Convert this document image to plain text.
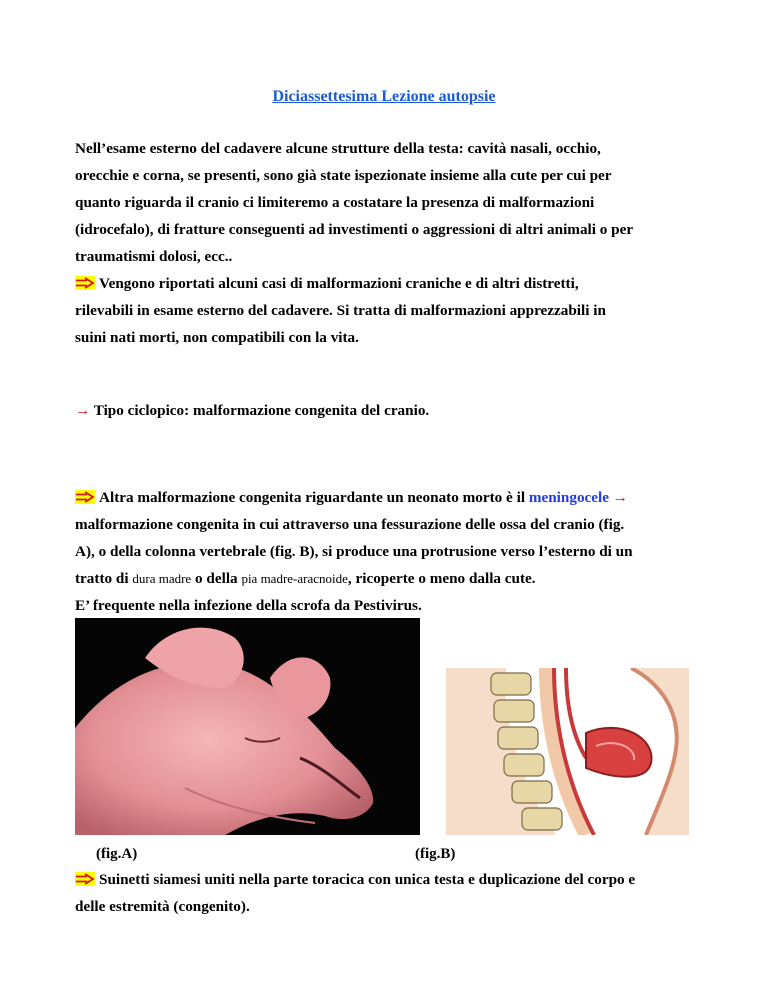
Diciassettesima Lezione autopsie
Nell’esame esterno del cadavere alcune strutture della testa: cavità nasali, occhio,
orecchie e corna, se presenti, sono già state ispezionate insieme alla cute per cui per
quanto riguarda il cranio ci limiteremo a costatare la presenza di malformazioni
(idrocefalo), di fratture conseguenti ad investimenti o aggressioni di altri animali o per
traumatismi dolosi, ecc..
Vengono riportati alcuni casi di malformazioni craniche e di altri distretti,
rilevabili in esame esterno del cadavere. Si tratta di malformazioni apprezzabili in
suini nati morti, non compatibili con la vita.
→ Tipo ciclopico: malformazione congenita del cranio.
Altra malformazione congenita riguardante un neonato morto è il meningocele →
malformazione congenita in cui attraverso una fessurazione delle ossa del cranio (fig.
A), o della colonna vertebrale (fig. B), si produce una protrusione verso l’esterno di un
tratto di dura madre o della pia madre-aracnoide, ricoperte o meno dalla cute.
E’ frequente nella infezione della scrofa da Pestivirus.
(fig.A)	(fig.B)
Suinetti siamesi uniti nella parte toracica con unica testa e duplicazione del corpo e
delle estremità (congenito).
